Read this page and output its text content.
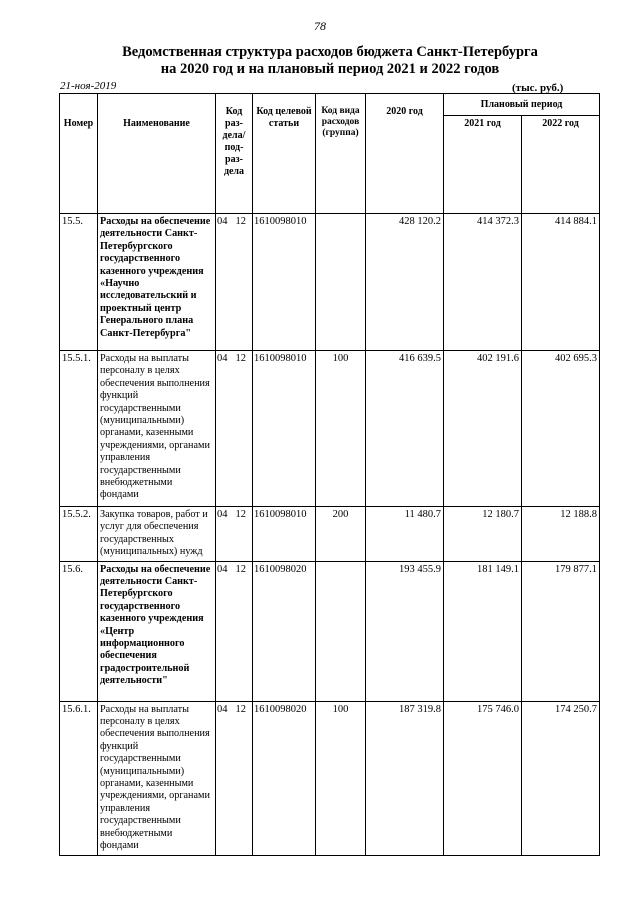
78
Ведомственная структура расходов бюджета Санкт-Петербурга
на 2020 год и на плановый период 2021 и 2022 годов
21-ноя-2019	(тыс. руб.)
Номер	Наименование	Код раз- дела/ под- раз- дела	Код целевой статьи	Код вида расходов (группа)	2020 год	Плановый период	
						2021 год	2022 год
15.5.	Расходы на обеспечение деятельности Санкт-Петербургского государственного казенного учреждения «Научно исследовательский и проектный центр Генерального плана Санкт-Петербурга"	04 12	1610098010		428 120.2	414 372.3	414 884.1
15.5.1.	Расходы на выплаты персоналу в целях обеспечения выполнения функций государственными (муниципальными) органами, казенными учреждениями, органами управления государственными внебюджетными фондами	04 12	1610098010	100	416 639.5	402 191.6	402 695.3
15.5.2.	Закупка товаров, работ и услуг для обеспечения государственных (муниципальных) нужд	04 12	1610098010	200	11 480.7	12 180.7	12 188.8
15.6.	Расходы на обеспечение деятельности Санкт-Петербургского государственного казенного учреждения «Центр информационного обеспечения градостроительной деятельности"	04 12	1610098020		193 455.9	181 149.1	179 877.1
15.6.1.	Расходы на выплаты персоналу в целях обеспечения выполнения функций государственными (муниципальными) органами, казенными учреждениями, органами управления государственными внебюджетными фондами	04 12	1610098020	100	187 319.8	175 746.0	174 250.7
